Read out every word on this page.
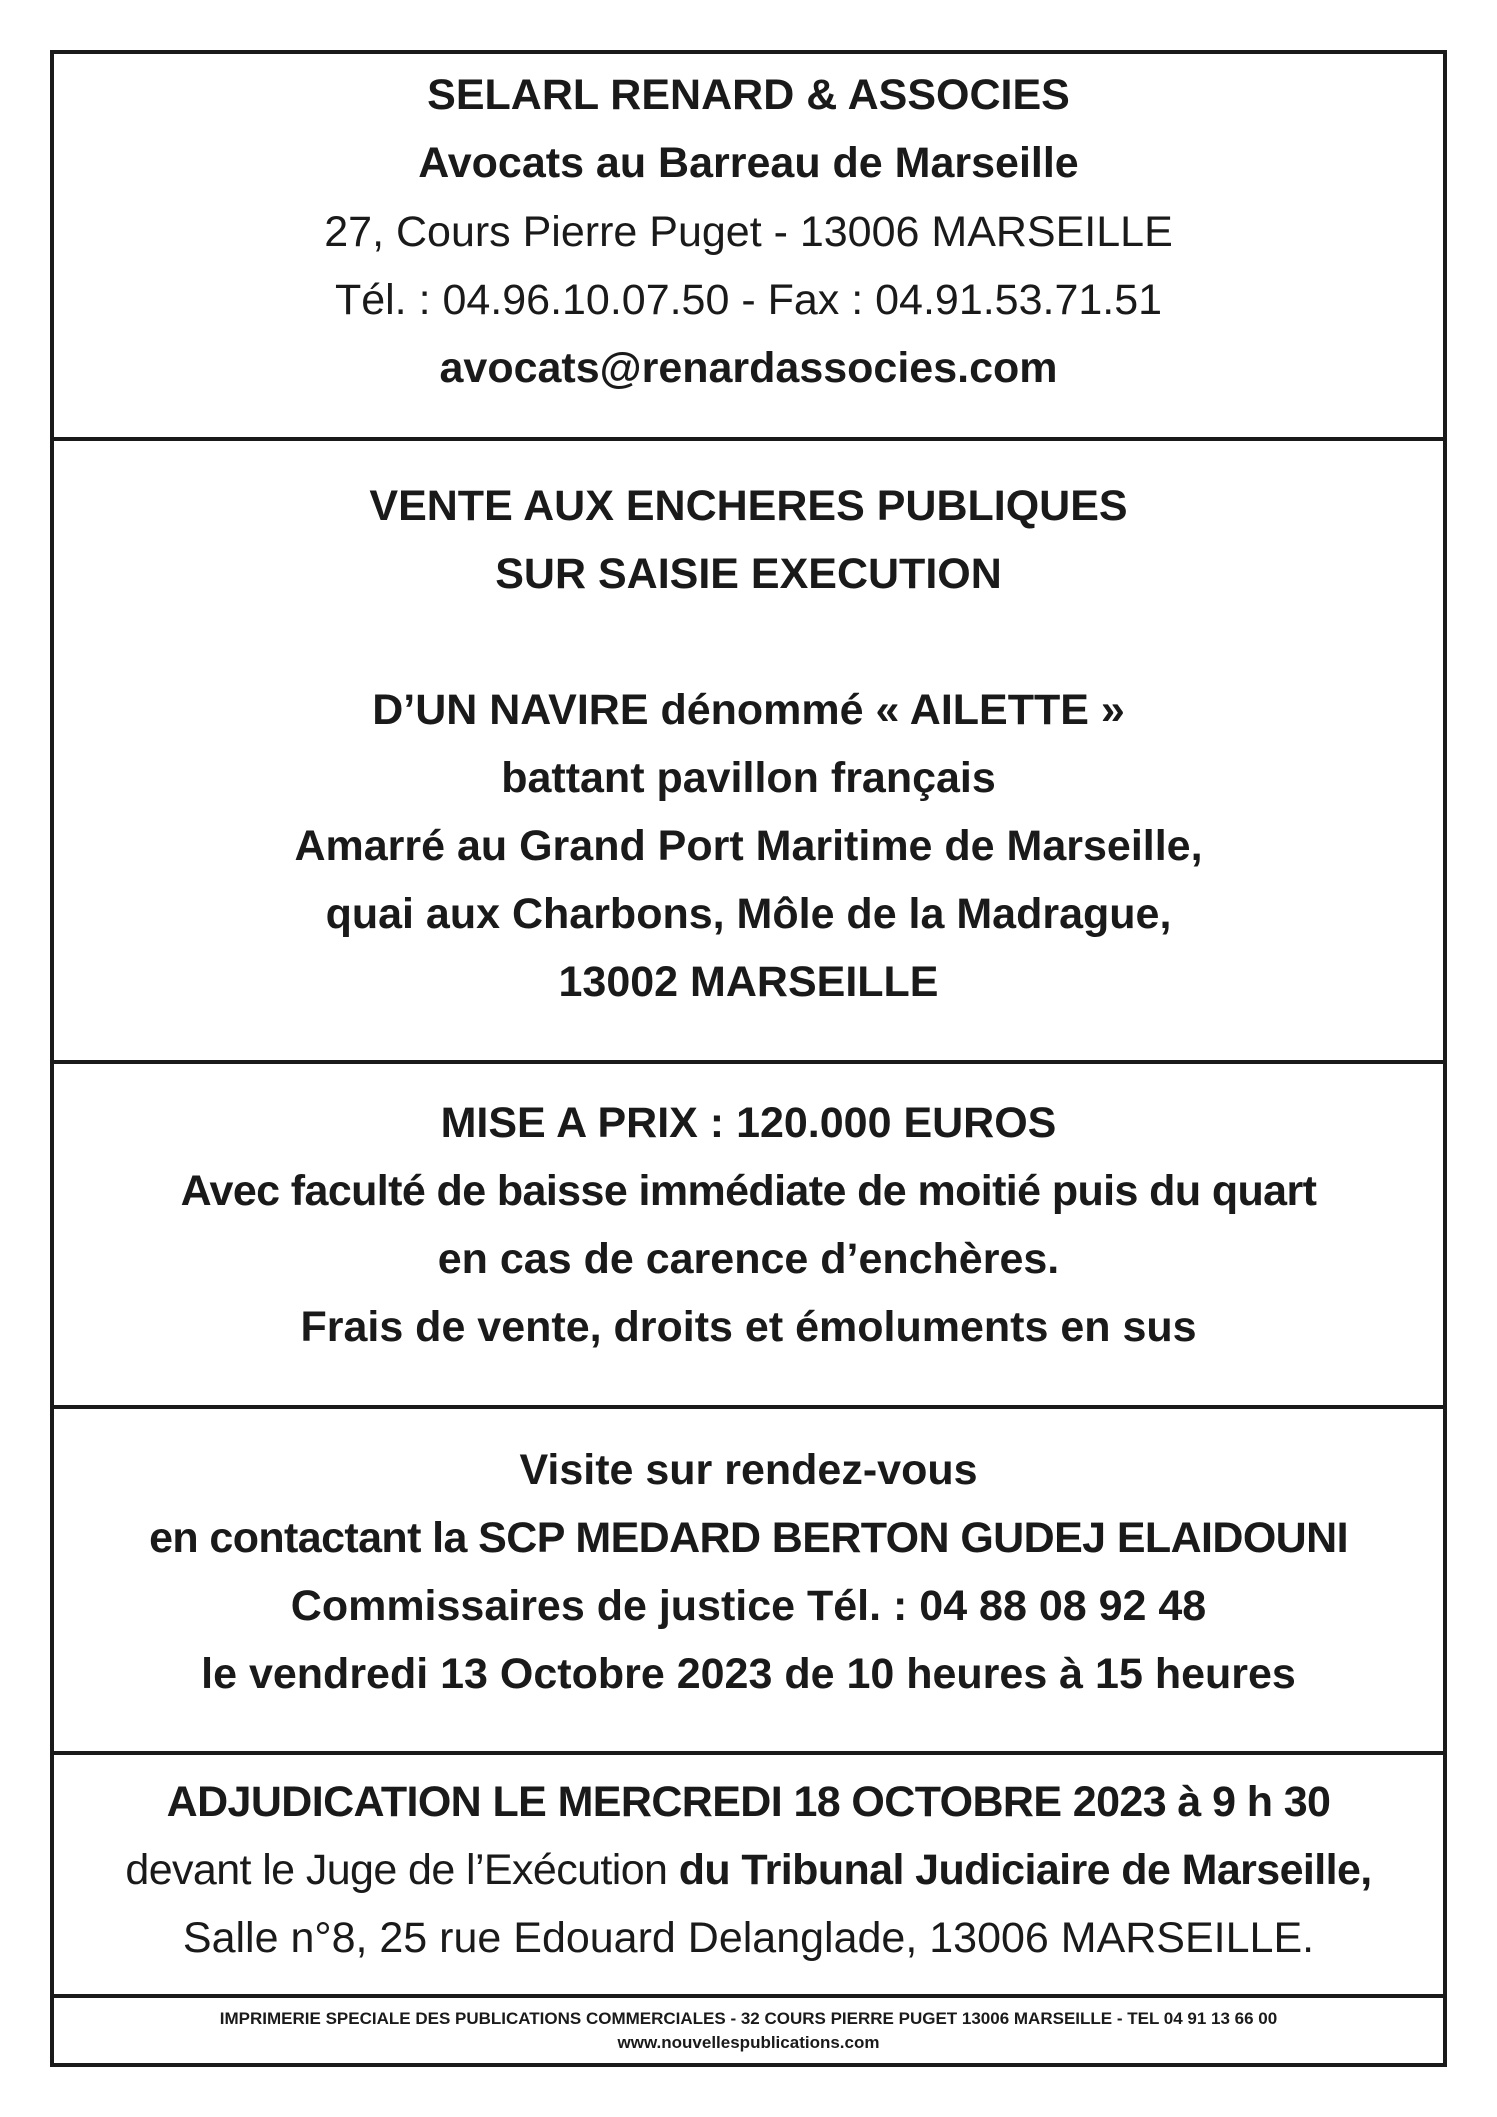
SELARL RENARD & ASSOCIES
Avocats au Barreau de Marseille
27, Cours Pierre Puget - 13006 MARSEILLE
Tél. : 04.96.10.07.50 - Fax : 04.91.53.71.51
avocats@renardassocies.com
VENTE AUX ENCHERES PUBLIQUES
SUR SAISIE EXECUTION
D’UN NAVIRE dénommé « AILETTE »
battant pavillon français
Amarré au Grand Port Maritime de Marseille,
quai aux Charbons, Môle de la Madrague,
13002 MARSEILLE
MISE A PRIX : 120.000 EUROS
Avec faculté de baisse immédiate de moitié puis du quart
en cas de carence d’enchères.
Frais de vente, droits et émoluments en sus
Visite sur rendez-vous
en contactant la SCP MEDARD BERTON GUDEJ ELAIDOUNI
Commissaires de justice Tél. : 04 88 08 92 48
le vendredi 13 Octobre 2023 de 10 heures à 15 heures
ADJUDICATION LE MERCREDI 18 OCTOBRE 2023 à 9 h 30
devant le Juge de l’Exécution du Tribunal Judiciaire de Marseille,
Salle n°8, 25 rue Edouard Delanglade, 13006 MARSEILLE.
IMPRIMERIE SPECIALE DES PUBLICATIONS COMMERCIALES - 32 COURS PIERRE PUGET 13006 MARSEILLE - TEL 04 91 13 66 00
www.nouvellespublications.com
